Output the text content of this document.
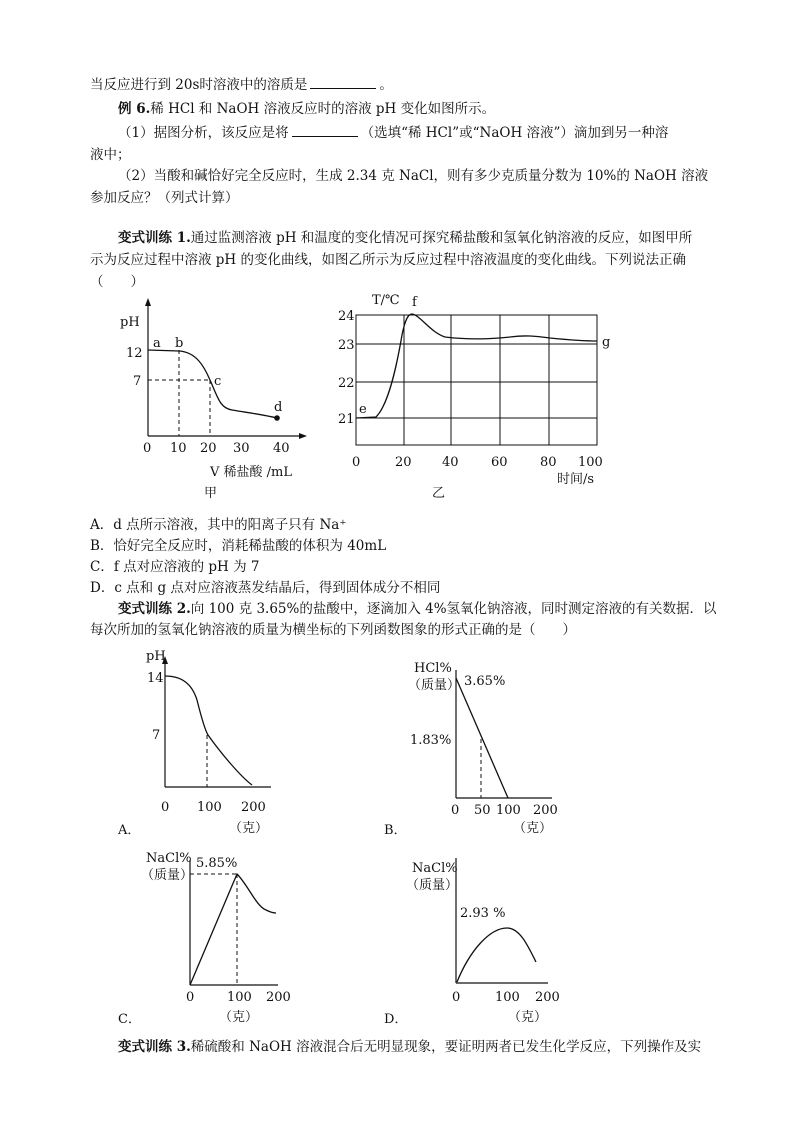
当反应进行到 20s时溶液中的溶质是	。
例 6.稀 HCl 和 NaOH 溶液反应时的溶液 pH 变化如图所示。
（1）据图分析，该反应是将	（选填“稀 HCl”或“NaOH 溶液”）滴加到另一种溶
液中；
（2）当酸和碱恰好完全反应时，生成 2.34 克 NaCl，则有多少克质量分数为 10%的 NaOH 溶液
参加反应？（列式计算）
变式训练 1.通过监测溶液 pH 和温度的变化情况可探究稀盐酸和氢氧化钠溶液的反应，如图甲所
示为反应过程中溶液 pH 的变化曲线，如图乙所示为反应过程中溶液温度的变化曲线。下列说法正确
（　　）
A．d 点所示溶液，其中的阳离子只有 Na⁺
B．恰好完全反应时，消耗稀盐酸的体积为 40mL
C．f 点对应溶液的 pH 为 7
D．c 点和 g 点对应溶液蒸发结晶后，得到固体成分不相同
变式训练 2.向 100 克 3.65%的盐酸中，逐滴加入 4%氢氧化钠溶液，同时测定溶液的有关数据．以
每次所加的氢氧化钠溶液的质量为横坐标的下列函数图象的形式正确的是（　　）
变式训练 3.稀硫酸和 NaOH 溶液混合后无明显现象，要证明两者已发生化学反应，下列操作及实
pH
12
7
0 10 20 30 40
V 稀盐酸 /mL
甲
a b
c
d
T/℃
24
23
22
21
0	20 40 60 80 100
时间/s
乙
e
f
g
pH
14
7
0 100 200
A．	（克）
HCl%
（质量） 3.65%
1.83%
0 50 100 200
B．	（克）
NaCl%
（质量）
5.85%
0	100 200
C．	（克）
NaCl%
（质量）
2.93 %
0	100 200
D．	（克）
